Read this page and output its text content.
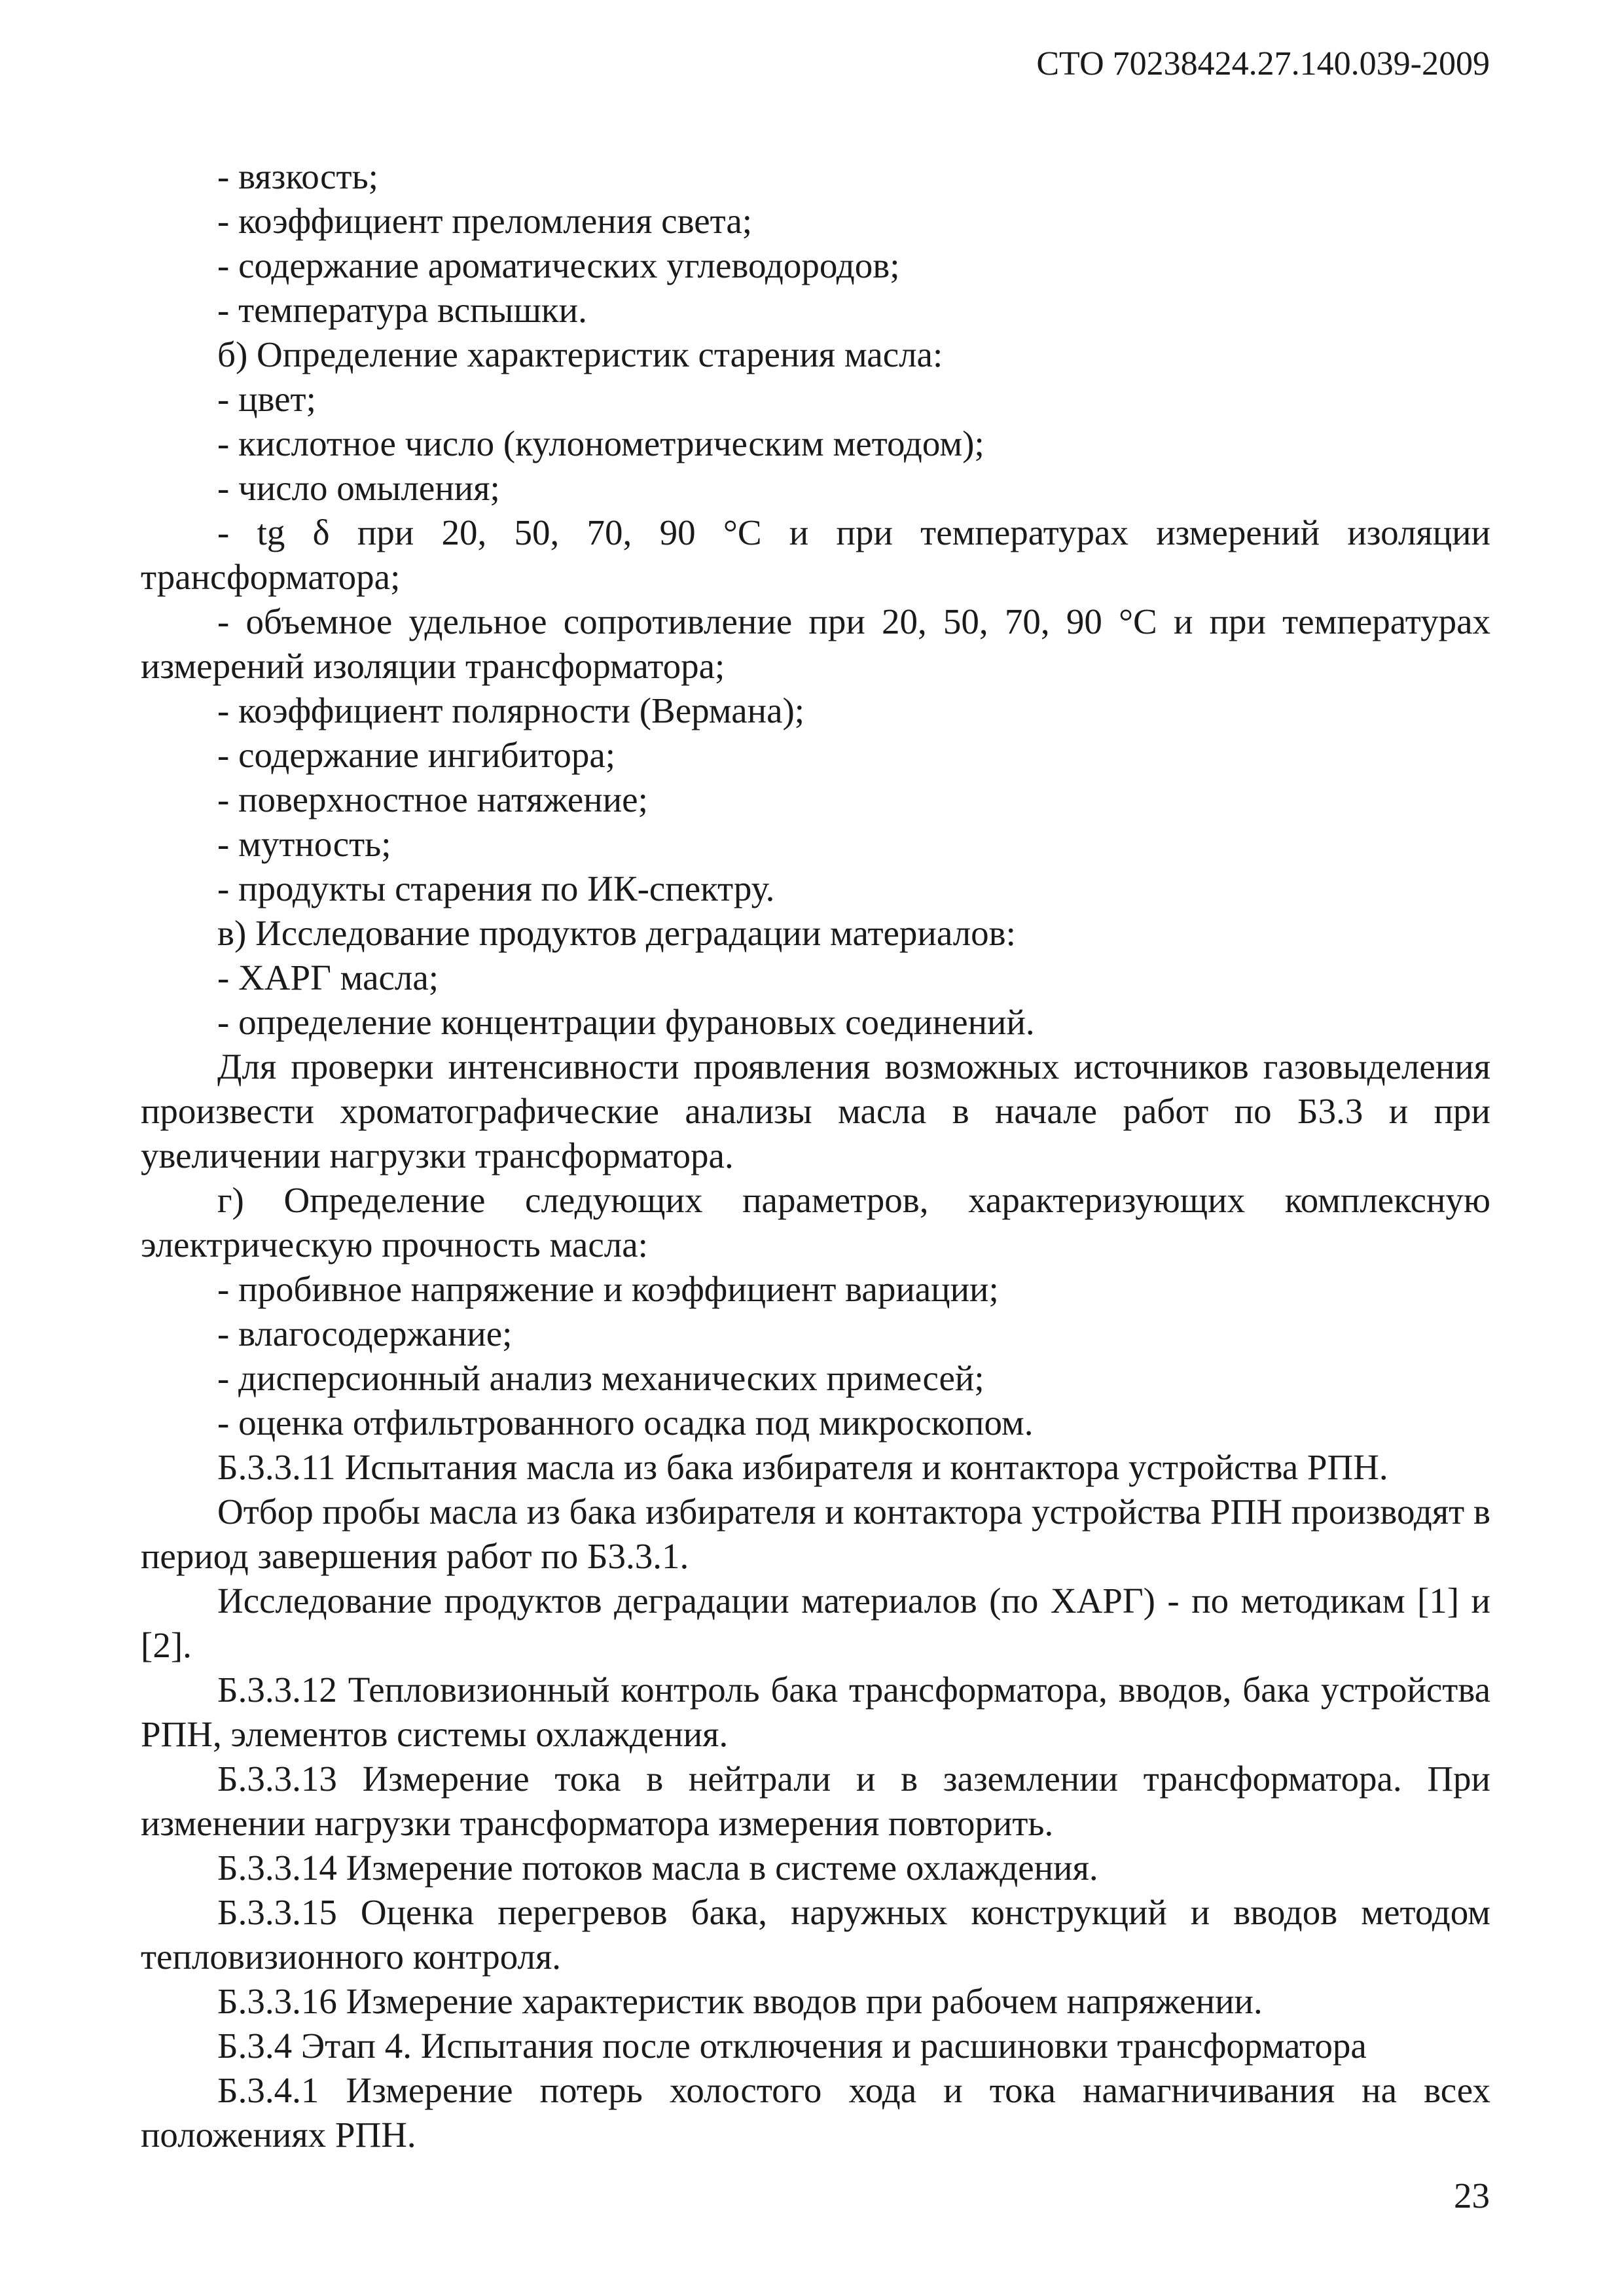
СТО 70238424.27.140.039-2009

- вязкость;

- коэффициент преломления света;

- содержание ароматических углеводородов;

- температура вспышки.

б) Определение характеристик старения масла:

- цвет;

- кислотное число (кулонометрическим методом);

- число омыления;

- tg δ при 20, 50, 70, 90 °С и при температурах измерений изоляции трансформатора;

- объемное удельное сопротивление при 20, 50, 70, 90 °С и при температурах измерений изоляции трансформатора;

- коэффициент полярности (Вермана);

- содержание ингибитора;

- поверхностное натяжение;

- мутность;

- продукты старения по ИК-спектру.

в) Исследование продуктов деградации материалов:

- ХАРГ масла;

- определение концентрации фурановых соединений.

Для проверки интенсивности проявления возможных источников газовыделения произвести хроматографические анализы масла в начале работ по Б3.3 и при увеличении нагрузки трансформатора.

г) Определение следующих параметров, характеризующих комплексную электрическую прочность масла:

- пробивное напряжение и коэффициент вариации;

- влагосодержание;

- дисперсионный анализ механических примесей;

- оценка отфильтрованного осадка под микроскопом.

Б.3.3.11 Испытания масла из бака избирателя и контактора устройства РПН.

Отбор пробы масла из бака избирателя и контактора устройства РПН производят в период завершения работ по Б3.3.1.

Исследование продуктов деградации материалов (по ХАРГ) - по методикам [1] и [2].

Б.3.3.12 Тепловизионный контроль бака трансформатора, вводов, бака устройства РПН, элементов системы охлаждения.

Б.3.3.13 Измерение тока в нейтрали и в заземлении трансформатора. При изменении нагрузки трансформатора измерения повторить.

Б.3.3.14 Измерение потоков масла в системе охлаждения.

Б.3.3.15 Оценка перегревов бака, наружных конструкций и вводов методом тепловизионного контроля.

Б.3.3.16 Измерение характеристик вводов при рабочем напряжении.

Б.3.4 Этап 4. Испытания после отключения и расшиновки трансформатора

Б.3.4.1 Измерение потерь холостого хода и тока намагничивания на всех положениях РПН.

23
